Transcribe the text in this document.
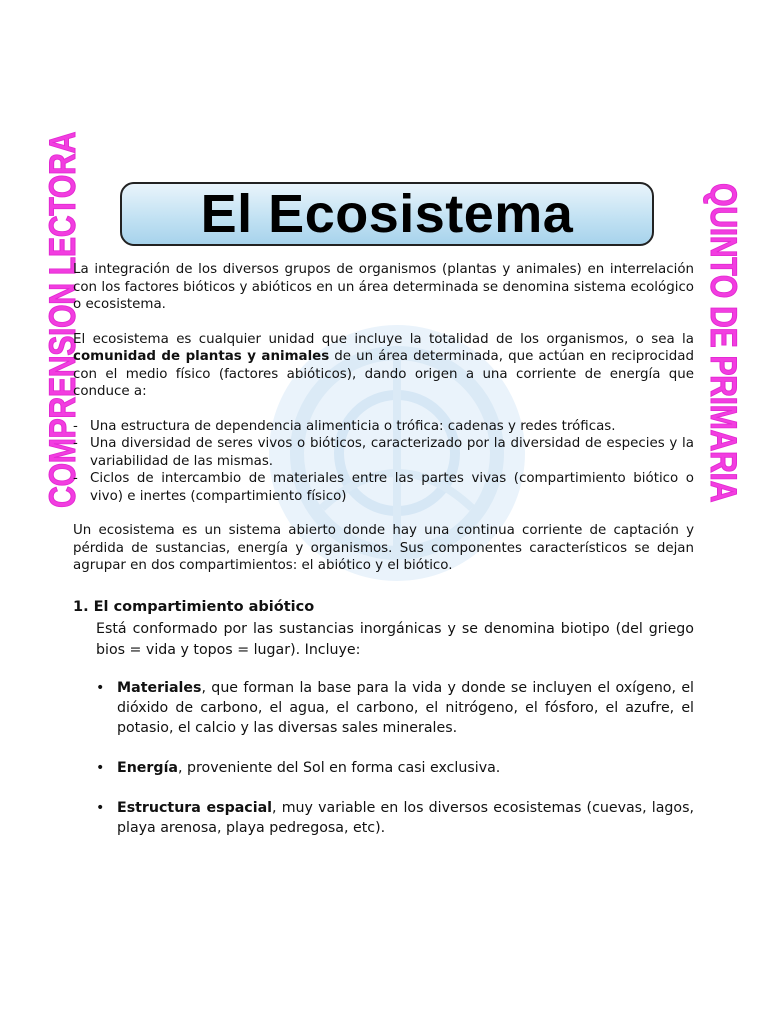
COMPRENSION LECTORA	QUINTO DE PRIMARIA
El Ecosistema

La integración de los diversos grupos de organismos (plantas y animales) en interrelación con los factores bióticos y abióticos en un área determinada se denomina sistema ecológico o ecosistema.

El ecosistema es cualquier unidad que incluye la totalidad de los organismos, o sea la comunidad de plantas y animales de un área determinada, que actúan en reciprocidad con el medio físico (factores abióticos), dando origen a una corriente de energía que conduce a:

- Una estructura de dependencia alimenticia o trófica: cadenas y redes tróficas.
- Una diversidad de seres vivos o bióticos, caracterizado por la diversidad de especies y la variabilidad de las mismas.
- Ciclos de intercambio de materiales entre las partes vivas (compartimiento biótico o vivo) e inertes (compartimiento físico)

Un ecosistema es un sistema abierto donde hay una continua corriente de captación y pérdida de sustancias, energía y organismos. Sus componentes característicos se dejan agrupar en dos compartimientos: el abiótico y el biótico.

1. El compartimiento abiótico

Está conformado por las sustancias inorgánicas y se denomina biotipo (del griego bios = vida y topos = lugar). Incluye:

• Materiales, que forman la base para la vida y donde se incluyen el oxígeno, el dióxido de carbono, el agua, el carbono, el nitrógeno, el fósforo, el azufre, el potasio, el calcio y las diversas sales minerales.
• Energía, proveniente del Sol en forma casi exclusiva.
• Estructura espacial, muy variable en los diversos ecosistemas (cuevas, lagos, playa arenosa, playa pedregosa, etc).
